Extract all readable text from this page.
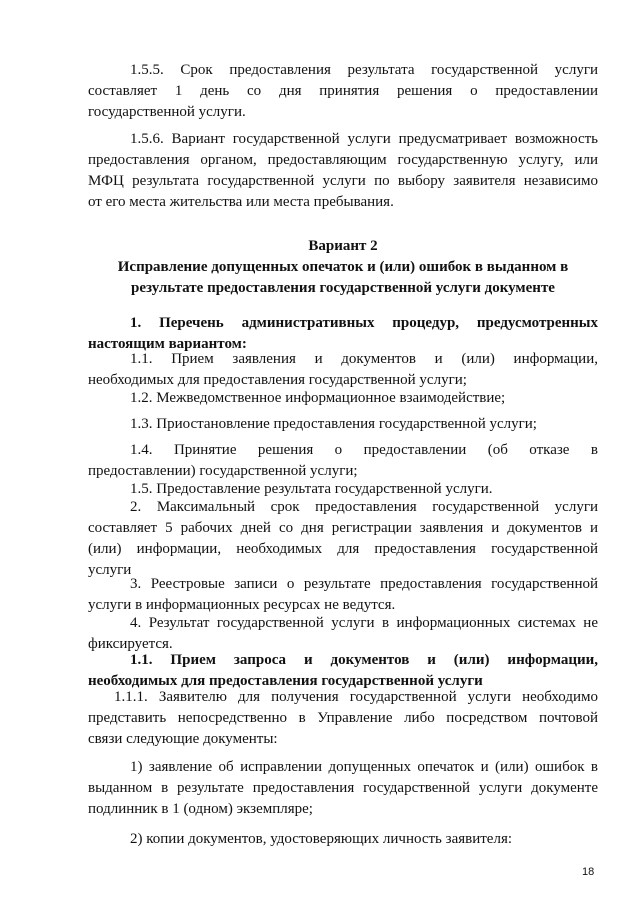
1.5.5. Срок предоставления результата государственной услуги
составляет 1 день со дня принятия решения о предоставлении
государственной услуги.

1.5.6. Вариант государственной услуги предусматривает возможность
предоставления органом, предоставляющим государственную услугу, или
МФЦ результата государственной услуги по выбору заявителя независимо
от его места жительства или места пребывания.

Вариант 2

Исправление допущенных опечаток и (или) ошибок в выданном в
результате предоставления государственной услуги документе

1. Перечень административных процедур, предусмотренных
настоящим вариантом:

1.1. Прием заявления и документов и (или) информации,
необходимых для предоставления государственной услуги;

1.2. Межведомственное информационное взаимодействие;

1.3. Приостановление предоставления государственной услуги;

1.4. Принятие решения о предоставлении (об отказе в
предоставлении) государственной услуги;

1.5. Предоставление результата государственной услуги.

2. Максимальный срок предоставления государственной услуги
составляет 5 рабочих дней со дня регистрации заявления и документов и
(или) информации, необходимых для предоставления государственной
услуги

3. Реестровые записи о результате предоставления государственной
услуги в информационных ресурсах не ведутся.

4. Результат государственной услуги в информационных системах не
фиксируется.

1.1. Прием запроса и документов и (или) информации,
необходимых для предоставления государственной услуги

1.1.1. Заявителю для получения государственной услуги необходимо
представить непосредственно в Управление либо посредством почтовой
связи следующие документы:

1) заявление об исправлении допущенных опечаток и (или) ошибок в
выданном в результате предоставления государственной услуги документе
подлинник в 1 (одном) экземпляре;

2) копии документов, удостоверяющих личность заявителя:

18
